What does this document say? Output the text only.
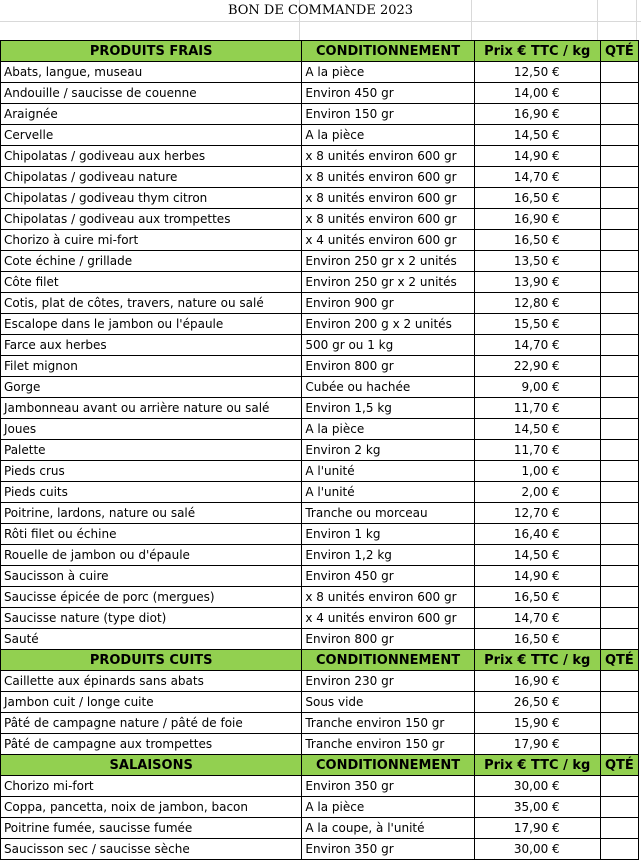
BON DE COMMANDE 2023
PRODUITS FRAIS	CONDITIONNEMENT	Prix € TTC / kg	QTÉ
Abats, langue, museau	A la pièce	12,50 €	
Andouille / saucisse de couenne	Environ 450 gr	14,00 €	
Araignée	Environ 150 gr	16,90 €	
Cervelle	A la pièce	14,50 €	
Chipolatas / godiveau aux herbes	x 8 unités environ 600 gr	14,90 €	
Chipolatas / godiveau nature	x 8 unités environ 600 gr	14,70 €	
Chipolatas / godiveau thym citron	x 8 unités environ 600 gr	16,50 €	
Chipolatas / godiveau aux trompettes	x 8 unités environ 600 gr	16,90 €	
Chorizo à cuire mi-fort	x 4 unités environ 600 gr	16,50 €	
Cote échine / grillade	Environ 250 gr x 2 unités	13,50 €	
Côte filet	Environ 250 gr x 2 unités	13,90 €	
Cotis, plat de côtes, travers, nature ou salé	Environ 900 gr	12,80 €	
Escalope dans le jambon ou l'épaule	Environ 200 g x 2 unités	15,50 €	
Farce aux herbes	500 gr ou 1 kg	14,70 €	
Filet mignon	Environ 800 gr	22,90 €	
Gorge	Cubée ou hachée	9,00 €	
Jambonneau avant ou arrière nature ou salé	Environ 1,5 kg	11,70 €	
Joues	A la pièce	14,50 €	
Palette	Environ 2 kg	11,70 €	
Pieds crus	A l'unité	1,00 €	
Pieds cuits	A l'unité	2,00 €	
Poitrine, lardons, nature ou salé	Tranche ou morceau	12,70 €	
Rôti filet ou échine	Environ 1 kg	16,40 €	
Rouelle de jambon ou d'épaule	Environ 1,2 kg	14,50 €	
Saucisson à cuire	Environ 450 gr	14,90 €	
Saucisse épicée de porc (mergues)	x 8 unités environ 600 gr	16,50 €	
Saucisse nature (type diot)	x 4 unités environ 600 gr	14,70 €	
Sauté	Environ 800 gr	16,50 €	
PRODUITS CUITS	CONDITIONNEMENT	Prix € TTC / kg	QTÉ
Caillette aux épinards sans abats	Environ 230 gr	16,90 €	
Jambon cuit / longe cuite	Sous vide	26,50 €	
Pâté de campagne nature / pâté de foie	Tranche environ 150 gr	15,90 €	
Pâté de campagne aux trompettes	Tranche environ 150 gr	17,90 €	
SALAISONS	CONDITIONNEMENT	Prix € TTC / kg	QTÉ
Chorizo mi-fort	Environ 350 gr	30,00 €	
Coppa, pancetta, noix de jambon, bacon	A la pièce	35,00 €	
Poitrine fumée, saucisse fumée	A la coupe, à l'unité	17,90 €	
Saucisson sec / saucisse sèche	Environ 350 gr	30,00 €	
